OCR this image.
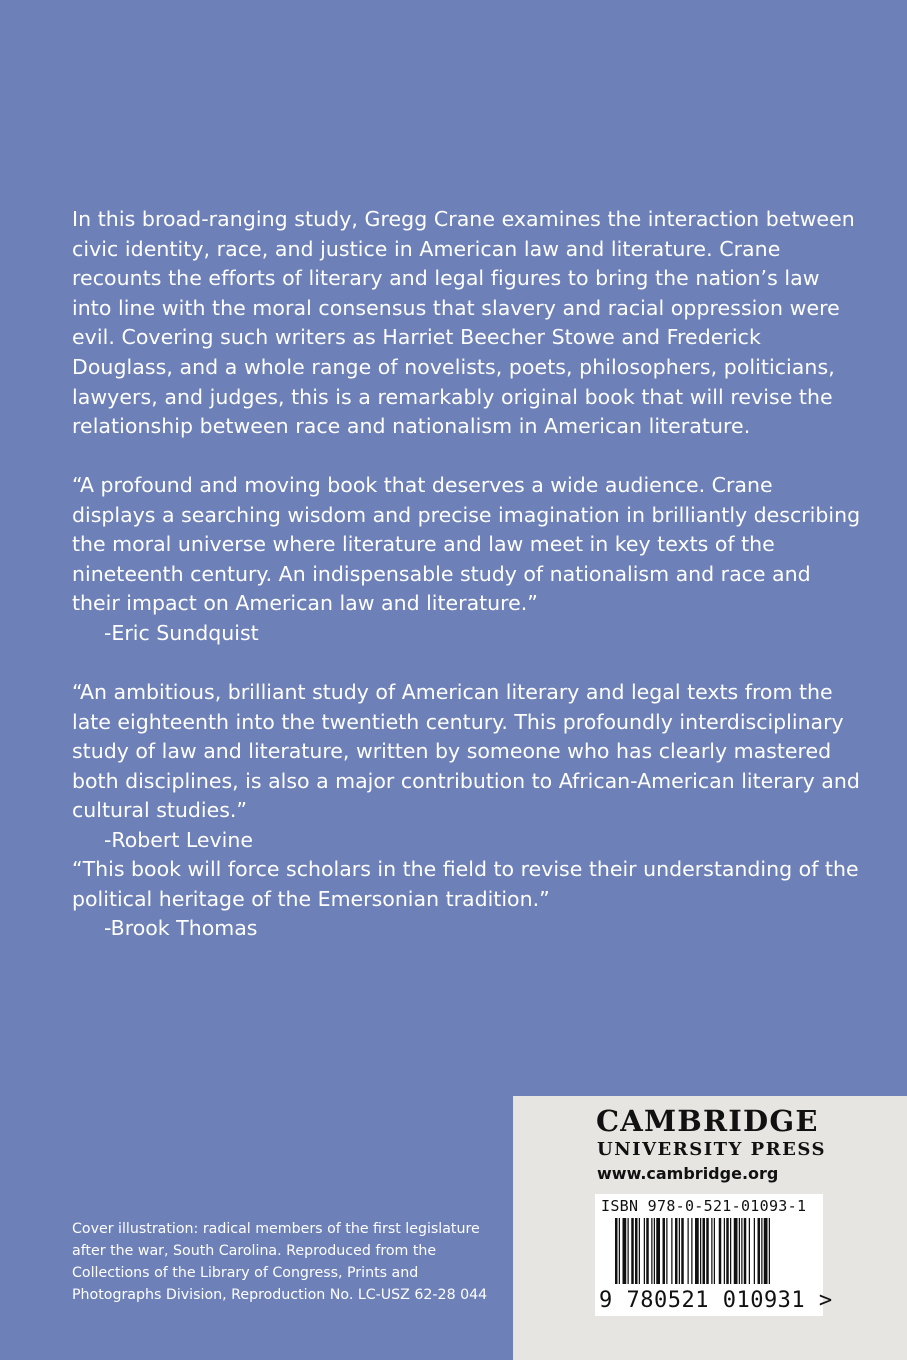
In this broad-ranging study, Gregg Crane examines the interaction between civic identity, race, and justice in American law and literature. Crane recounts the efforts of literary and legal figures to bring the nation’s law into line with the moral consensus that slavery and racial oppression were evil. Covering such writers as Harriet Beecher Stowe and Frederick Douglass, and a whole range of novelists, poets, philosophers, politicians, lawyers, and judges, this is a remarkably original book that will revise the relationship between race and nationalism in American literature.

“A profound and moving book that deserves a wide audience. Crane displays a searching wisdom and precise imagination in brilliantly describing the moral universe where literature and law meet in key texts of the nineteenth century. An indispensable study of nationalism and race and their impact on American law and literature.”

-Eric Sundquist

“An ambitious, brilliant study of American literary and legal texts from the late eighteenth into the twentieth century. This profoundly interdisciplinary study of law and literature, written by someone who has clearly mastered both disciplines, is also a major contribution to African-American literary and cultural studies.”

-Robert Levine

“This book will force scholars in the field to revise their understanding of the political heritage of the Emersonian tradition.”

-Brook Thomas

Cover illustration: radical members of the first legislature after the war, South Carolina. Reproduced from the Collections of the Library of Congress, Prints and Photographs Division, Reproduction No. LC-USZ 62-28 044

CAMBRIDGE

UNIVERSITY PRESS

www.cambridge.org

ISBN 978-0-521-01093-1

9 780521 010931 >
